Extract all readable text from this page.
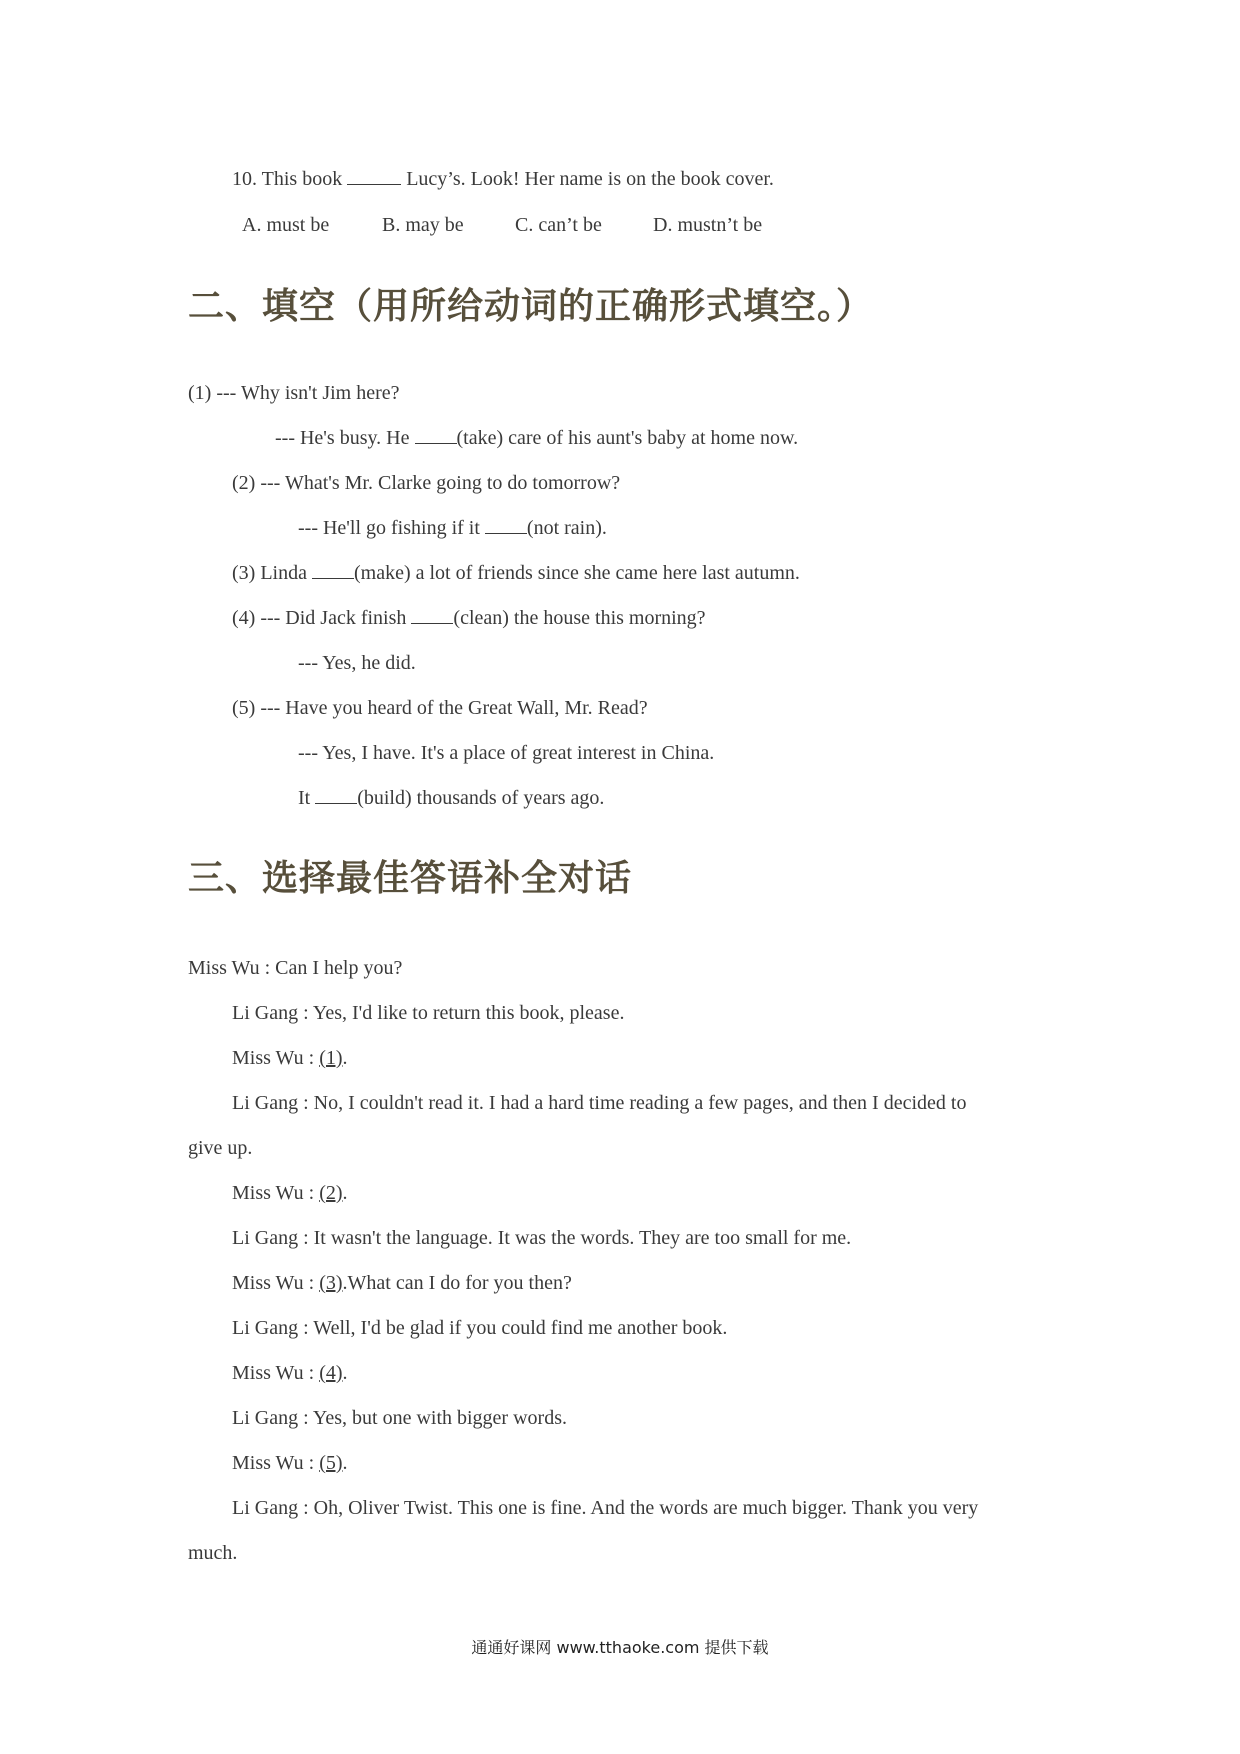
10. This book	Lucy’s. Look! Her name is on the book cover.
A. must be	B. may be	C. can’t be	D. mustn’t be
二、填空（用所给动词的正确形式填空。）
(1) --- Why isn't Jim here?
--- He's busy. He (take) care of his aunt's baby at home now.
(2) --- What's Mr. Clarke going to do tomorrow?
--- He'll go fishing if it (not rain).
(3) Linda (make) a lot of friends since she came here last autumn.
(4) --- Did Jack finish (clean) the house this morning?
--- Yes, he did.
(5) --- Have you heard of the Great Wall, Mr. Read?
--- Yes, I have. It's a place of great interest in China.
It (build) thousands of years ago.
三、选择最佳答语补全对话
Miss Wu : Can I help you?
Li Gang : Yes, I'd like to return this book, please.
Miss Wu : (1).
Li Gang : No, I couldn't read it. I had a hard time reading a few pages, and then I decided to
give up.
Miss Wu : (2).
Li Gang : It wasn't the language. It was the words. They are too small for me.
Miss Wu : (3).What can I do for you then?
Li Gang : Well, I'd be glad if you could find me another book.
Miss Wu : (4).
Li Gang : Yes, but one with bigger words.
Miss Wu : (5).
Li Gang : Oh, Oliver Twist. This one is fine. And the words are much bigger. Thank you very
much.
通通好课网 www.tthaoke.com 提供下载
